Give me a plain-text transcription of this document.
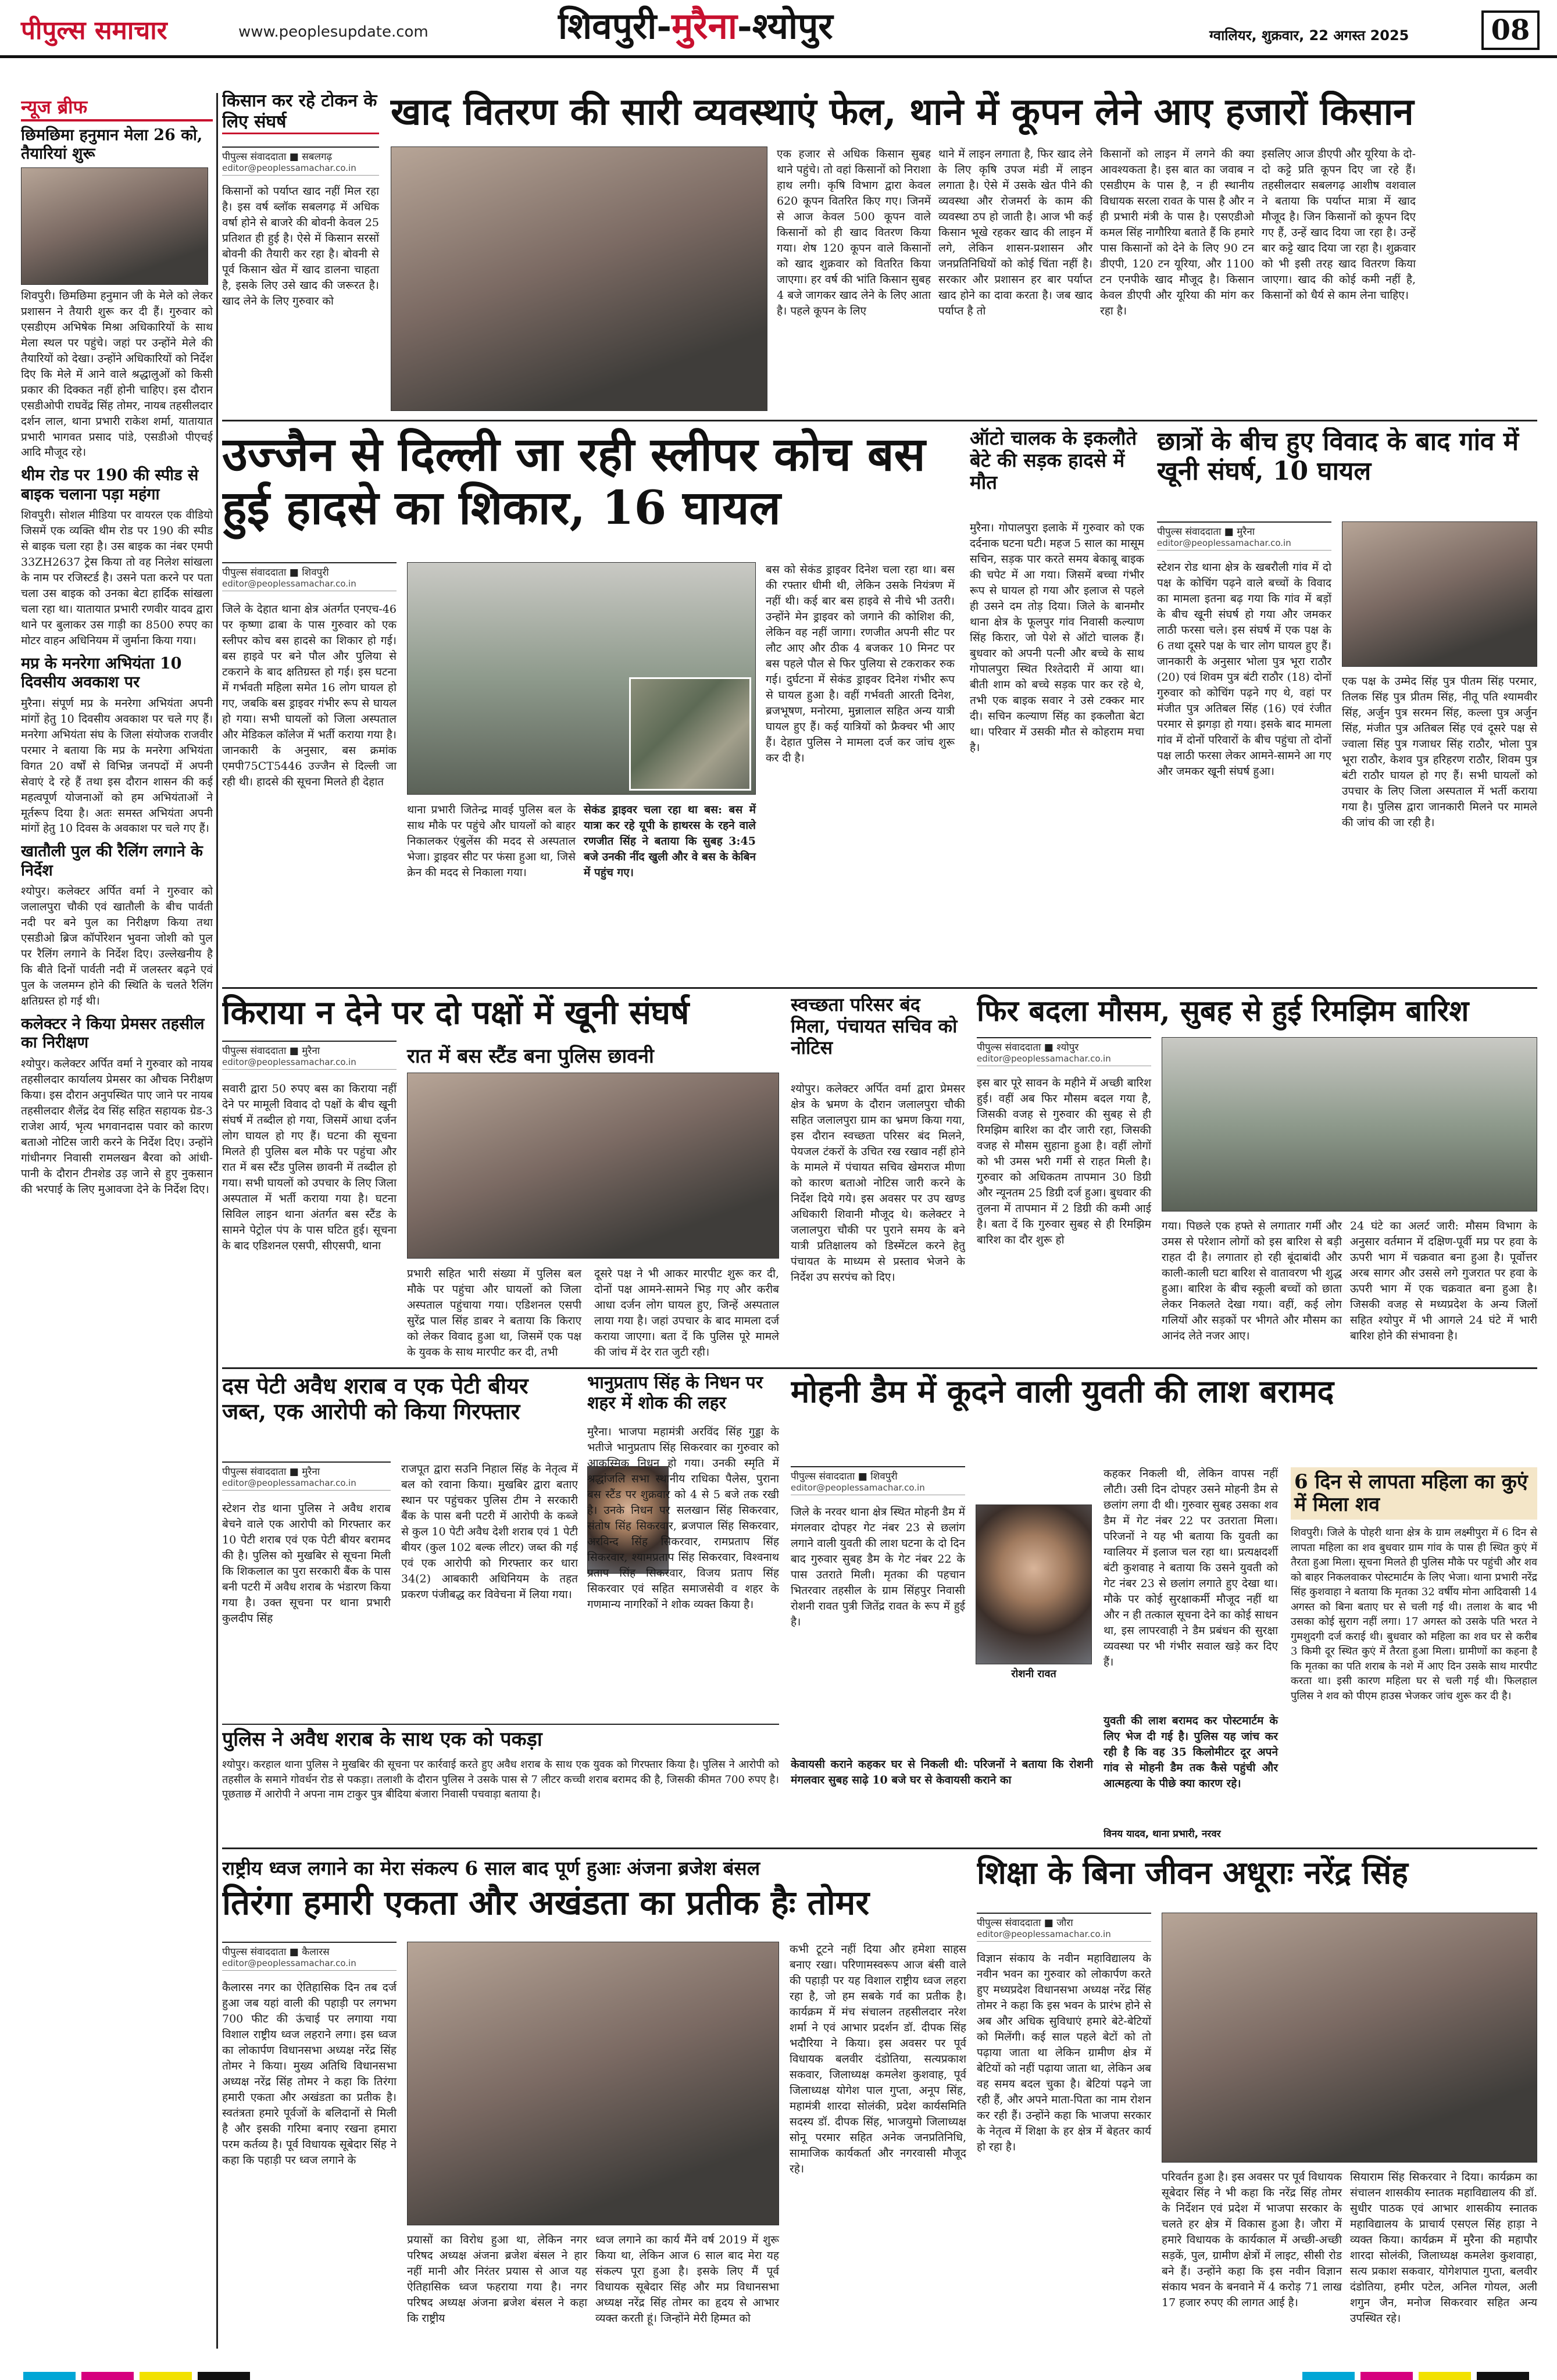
पीपुल्स समाचार	www.peoplesupdate.com	शिवपुरी-मुरैना-श्योपुर	ग्वालियर, शुक्रवार, 22 अगस्त 2025	08
न्यूज ब्रीफ
छिमछिमा हनुमान मेला 26 को, तैयारियां शुरू

शिवपुरी। छिमछिमा हनुमान जी के मेले को लेकर प्रशासन ने तैयारी शुरू कर दी हैं। गुरुवार को एसडीएम अभिषेक मिश्रा अधिकारियों के साथ मेला स्थल पर पहुंचे। जहां पर उन्होंने मेले की तैयारियों को देखा। उन्होंने अधिकारियों को निर्देश दिए कि मेले में आने वाले श्रद्धालुओं को किसी प्रकार की दिक्कत नहीं होनी चाहिए। इस दौरान एसडीओपी राघवेंद्र सिंह तोमर, नायब तहसीलदार दर्शन लाल, थाना प्रभारी राकेश शर्मा, यातायात प्रभारी भागवत प्रसाद पांडे, एसडीओ पीएचई आदि मौजूद रहे।

थीम रोड पर 190 की स्पीड से बाइक चलाना पड़ा महंगा

शिवपुरी। सोशल मीडिया पर वायरल एक वीडियो जिसमें एक व्यक्ति थीम रोड पर 190 की स्पीड से बाइक चला रहा है। उस बाइक का नंबर एमपी 33ZH2637 ट्रेस किया तो वह निलेश सांखला के नाम पर रजिस्टर्ड है। उसने पता करने पर पता चला उस बाइक को उनका बेटा हार्दिक सांखला चला रहा था। यातायात प्रभारी रणवीर यादव द्वारा थाने पर बुलाकर उस गाड़ी का 8500 रुपए का मोटर वाहन अधिनियम में जुर्माना किया गया।

मप्र के मनरेगा अभियंता 10 दिवसीय अवकाश पर

मुरैना। संपूर्ण मप्र के मनरेगा अभियंता अपनी मांगों हेतु 10 दिवसीय अवकाश पर चले गए हैं। मनरेगा अभियंता संघ के जिला संयोजक राजवीर परमार ने बताया कि मप्र के मनरेगा अभियंता विगत 20 वर्षों से विभिन्न जनपदों में अपनी सेवाएं दे रहे हैं तथा इस दौरान शासन की कई महत्वपूर्ण योजनाओं को हम अभियंताओं ने मूर्तरूप दिया है। अतः समस्त अभियंता अपनी मांगों हेतु 10 दिवस के अवकाश पर चले गए हैं।

खातौली पुल की रैलिंग लगाने के निर्देश

श्योपुर। कलेक्टर अर्पित वर्मा ने गुरुवार को जलालपुरा चौकी एवं खातौली के बीच पार्वती नदी पर बने पुल का निरीक्षण किया तथा एसडीओ ब्रिज कॉर्पोरेशन भुवना जोशी को पुल पर रैलिंग लगाने के निर्देश दिए। उल्लेखनीय है कि बीते दिनों पार्वती नदी में जलस्तर बढ़ने एवं पुल के जलमग्न होने की स्थिति के चलते रैलिंग क्षतिग्रस्त हो गई थी।

कलेक्टर ने किया प्रेमसर तहसील का निरीक्षण

श्योपुर। कलेक्टर अर्पित वर्मा ने गुरुवार को नायब तहसीलदार कार्यालय प्रेमसर का औचक निरीक्षण किया। इस दौरान अनुपस्थित पाए जाने पर नायब तहसीलदार शैलेंद्र देव सिंह सहित सहायक ग्रेड-3 राजेश आर्य, भृत्य भगवानदास पवार को कारण बताओ नोटिस जारी करने के निर्देश दिए। उन्होंने गांधीनगर निवासी रामलखन बैरवा को आंधी-पानी के दौरान टीनशेड उड़ जाने से हुए नुकसान की भरपाई के लिए मुआवजा देने के निर्देश दिए।

किसान कर रहे टोकन के लिए संघर्ष	खाद वितरण की सारी व्यवस्थाएं फेल, थाने में कूपन लेने आए हजारों किसान
पीपुल्स संवाददाता ■ सबलगढ़
editor@peoplessamachar.co.in

किसानों को पर्याप्त खाद नहीं मिल रहा है। इस वर्ष ब्लॉक सबलगढ़ में अधिक वर्षा होने से बाजरे की बोवनी केवल 25 प्रतिशत ही हुई है। ऐसे में किसान सरसों बोवनी की तैयारी कर रहा है। बोवनी से पूर्व किसान खेत में खाद डालना चाहता है, इसके लिए उसे खाद की जरूरत है। खाद लेने के लिए गुरुवार को

एक हजार से अधिक किसान सुबह थाने पहुंचे। तो वहां किसानों को निराशा हाथ लगी। कृषि विभाग द्वारा केवल 620 कूपन वितरित किए गए। जिनमें से आज केवल 500 कूपन वाले किसानों को ही खाद वितरण किया गया। शेष 120 कूपन वाले किसानों को खाद शुक्रवार को वितरित किया जाएगा। हर वर्ष की भांति किसान सुबह 4 बजे जागकर खाद लेने के लिए आता है। पहले कूपन के लिए

थाने में लाइन लगाता है, फिर खाद लेने के लिए कृषि उपज मंडी में लाइन लगाता है। ऐसे में उसके खेत पीने की व्यवस्था और रोजमर्रा के काम की व्यवस्था ठप हो जाती है। आज भी कई किसान भूखे रहकर खाद की लाइन में लगे, लेकिन शासन-प्रशासन और जनप्रतिनिधियों को कोई चिंता नहीं है। सरकार और प्रशासन हर बार पर्याप्त खाद होने का दावा करता है। जब खाद पर्याप्त है तो

किसानों को लाइन में लगने की क्या आवश्यकता है। इस बात का जवाब न एसडीएम के पास है, न ही स्थानीय विधायक सरला रावत के पास है और न ही प्रभारी मंत्री के पास है। एसएडीओ कमल सिंह नागौरिया बताते हैं कि हमारे पास किसानों को देने के लिए 90 टन डीएपी, 120 टन यूरिया, और 1100 टन एनपीके खाद मौजूद है। किसान केवल डीएपी और यूरिया की मांग कर रहा है।

इसलिए आज डीएपी और यूरिया के दो-दो कट्टे प्रति कूपन दिए जा रहे हैं। तहसीलदार सबलगढ़ आशीष वशवाल ने बताया कि पर्याप्त मात्रा में खाद मौजूद है। जिन किसानों को कूपन दिए गए हैं, उन्हें खाद दिया जा रहा है। उन्हें बार कट्टे खाद दिया जा रहा है। शुक्रवार को भी इसी तरह खाद वितरण किया जाएगा। खाद की कोई कमी नहीं है, किसानों को धैर्य से काम लेना चाहिए।

उज्जैन से दिल्ली जा रही स्लीपर कोच बस हुई हादसे का शिकार, 16 घायल
पीपुल्स संवाददाता ■ शिवपुरी
editor@peoplessamachar.co.in

जिले के देहात थाना क्षेत्र अंतर्गत एनएच-46 पर कृष्णा ढाबा के पास गुरुवार को एक स्लीपर कोच बस हादसे का शिकार हो गई। बस हाइवे पर बने पौल और पुलिया से टकराने के बाद क्षतिग्रस्त हो गई। इस घटना में गर्भवती महिला समेत 16 लोग घायल हो गए, जबकि बस ड्राइवर गंभीर रूप से घायल हो गया। सभी घायलों को जिला अस्पताल और मेडिकल कॉलेज में भर्ती कराया गया है। जानकारी के अनुसार, बस क्रमांक एमपी75CT5446 उज्जैन से दिल्ली जा रही थी। हादसे की सूचना मिलते ही देहात

थाना प्रभारी जितेन्द्र मावई पुलिस बल के साथ मौके पर पहुंचे और घायलों को बाहर निकालकर एंबुलेंस की मदद से अस्पताल भेजा। ड्राइवर सीट पर फंसा हुआ था, जिसे क्रेन की मदद से निकाला गया।

सेकंड ड्राइवर चला रहा था बस: बस में यात्रा कर रहे यूपी के हाथरस के रहने वाले रणजीत सिंह ने बताया कि सुबह 3:45 बजे उनकी नींद खुली और वे बस के केबिन में पहुंच गए।

बस को सेकंड ड्राइवर दिनेश चला रहा था। बस की रफ्तार धीमी थी, लेकिन उसके नियंत्रण में नहीं थी। कई बार बस हाइवे से नीचे भी उतरी। उन्होंने मेन ड्राइवर को जगाने की कोशिश की, लेकिन वह नहीं जागा। रणजीत अपनी सीट पर लौट आए और ठीक 4 बजकर 10 मिनट पर बस पहले पौल से फिर पुलिया से टकराकर रुक गई। दुर्घटना में सेकंड ड्राइवर दिनेश गंभीर रूप से घायल हुआ है। वहीं गर्भवती आरती दिनेश, ब्रजभूषण, मनोरमा, मुन्नालाल सहित अन्य यात्री घायल हुए हैं। कई यात्रियों को फ्रैक्चर भी आए हैं। देहात पुलिस ने मामला दर्ज कर जांच शुरू कर दी है।

ऑटो चालक के इकलौते बेटे की सड़क हादसे में मौत

मुरैना। गोपालपुरा इलाके में गुरुवार को एक दर्दनाक घटना घटी। महज 5 साल का मासूम सचिन, सड़क पार करते समय बेकाबू बाइक की चपेट में आ गया। जिसमें बच्चा गंभीर रूप से घायल हो गया और इलाज से पहले ही उसने दम तोड़ दिया। जिले के बानमौर थाना क्षेत्र के फूलपुर गांव निवासी कल्याण सिंह किरार, जो पेशे से ऑटो चालक हैं। बुधवार को अपनी पत्नी और बच्चे के साथ गोपालपुरा स्थित रिश्तेदारी में आया था। बीती शाम को बच्चे सड़क पार कर रहे थे, तभी एक बाइक सवार ने उसे टक्कर मार दी। सचिन कल्याण सिंह का इकलौता बेटा था। परिवार में उसकी मौत से कोहराम मचा है।

छात्रों के बीच हुए विवाद के बाद गांव में खूनी संघर्ष, 10 घायल
पीपुल्स संवाददाता ■ मुरैना
editor@peoplessamachar.co.in

स्टेशन रोड थाना क्षेत्र के खबरौली गांव में दो पक्ष के कोचिंग पढ़ने वाले बच्चों के विवाद का मामला इतना बढ़ गया कि गांव में बड़ों के बीच खूनी संघर्ष हो गया और जमकर लाठी फरसा चले। इस संघर्ष में एक पक्ष के 6 तथा दूसरे पक्ष के चार लोग घायल हुए हैं। जानकारी के अनुसार भोला पुत्र भूरा राठौर (20) एवं शिवम पुत्र बंटी राठौर (18) दोनों गुरुवार को कोचिंग पढ़ने गए थे, वहां पर मंजीत पुत्र अतिबल सिंह (16) एवं रंजीत परमार से झगड़ा हो गया। इसके बाद मामला गांव में दोनों परिवारों के बीच पहुंचा तो दोनों पक्ष लाठी फरसा लेकर आमने-सामने आ गए और जमकर खूनी संघर्ष हुआ।

एक पक्ष के उम्मेद सिंह पुत्र पीतम सिंह परमार, तिलक सिंह पुत्र प्रीतम सिंह, नीतू पति श्यामवीर सिंह, अर्जुन पुत्र सरमन सिंह, कल्ला पुत्र अर्जुन सिंह, मंजीत पुत्र अतिबल सिंह एवं दूसरे पक्ष से ज्वाला सिंह पुत्र गजाधर सिंह राठौर, भोला पुत्र भूरा राठौर, केशव पुत्र हरिहरण राठौर, शिवम पुत्र बंटी राठौर घायल हो गए हैं। सभी घायलों को उपचार के लिए जिला अस्पताल में भर्ती कराया गया है। पुलिस द्वारा जानकारी मिलने पर मामले की जांच की जा रही है।

किराया न देने पर दो पक्षों में खूनी संघर्ष
पीपुल्स संवाददाता ■ मुरैना
editor@peoplessamachar.co.in	रात में बस स्टैंड बना पुलिस छावनी

सवारी द्वारा 50 रुपए बस का किराया नहीं देने पर मामूली विवाद दो पक्षों के बीच खूनी संघर्ष में तब्दील हो गया, जिसमें आधा दर्जन लोग घायल हो गए हैं। घटना की सूचना मिलते ही पुलिस बल मौके पर पहुंचा और रात में बस स्टैंड पुलिस छावनी में तब्दील हो गया। सभी घायलों को उपचार के लिए जिला अस्पताल में भर्ती कराया गया है। घटना सिविल लाइन थाना अंतर्गत बस स्टैंड के सामने पेट्रोल पंप के पास घटित हुई। सूचना के बाद एडिशनल एसपी, सीएसपी, थाना

प्रभारी सहित भारी संख्या में पुलिस बल मौके पर पहुंचा और घायलों को जिला अस्पताल पहुंचाया गया। एडिशनल एसपी सुरेंद्र पाल सिंह डाबर ने बताया कि किराए को लेकर विवाद हुआ था, जिसमें एक पक्ष के युवक के साथ मारपीट कर दी, तभी

दूसरे पक्ष ने भी आकर मारपीट शुरू कर दी, दोनों पक्ष आमने-सामने भिड़ गए और करीब आधा दर्जन लोग घायल हुए, जिन्हें अस्पताल लाया गया है। जहां उपचार के बाद मामला दर्ज कराया जाएगा। बता दें कि पुलिस पूरे मामले की जांच में देर रात जुटी रही।

स्वच्छता परिसर बंद मिला, पंचायत सचिव को नोटिस

श्योपुर। कलेक्टर अर्पित वर्मा द्वारा प्रेमसर क्षेत्र के भ्रमण के दौरान जलालपुरा चौकी सहित जलालपुरा ग्राम का भ्रमण किया गया, इस दौरान स्वच्छता परिसर बंद मिलने, पेयजल टंकरों के उचित रख रखाव नहीं होने के मामले में पंचायत सचिव खेमराज मीणा को कारण बताओ नोटिस जारी करने के निर्देश दिये गये। इस अवसर पर उप खण्ड अधिकारी शिवानी मौजूद थे। कलेक्टर ने जलालपुरा चौकी पर पुराने समय के बने यात्री प्रतिक्षालय को डिस्मेंटल करने हेतु पंचायत के माध्यम से प्रस्ताव भेजने के निर्देश उप सरपंच को दिए।

फिर बदला मौसम, सुबह से हुई रिमझिम बारिश
पीपुल्स संवाददाता ■ श्योपुर
editor@peoplessamachar.co.in

इस बार पूरे सावन के महीने में अच्छी बारिश हुई। वहीं अब फिर मौसम बदल गया है, जिसकी वजह से गुरुवार की सुबह से ही रिमझिम बारिश का दौर जारी रहा, जिसकी वजह से मौसम सुहाना हुआ है। वहीं लोगों को भी उमस भरी गर्मी से राहत मिली है। गुरुवार को अधिकतम तापमान 30 डिग्री और न्यूनतम 25 डिग्री दर्ज हुआ। बुधवार की तुलना में तापमान में 2 डिग्री की कमी आई है। बता दें कि गुरुवार सुबह से ही रिमझिम बारिश का दौर शुरू हो

गया। पिछले एक हफ्ते से लगातार गर्मी और उमस से परेशान लोगों को इस बारिश से बड़ी राहत दी है। लगातार हो रही बूंदाबांदी और काली-काली घटा बारिश से वातावरण भी शुद्ध हुआ। बारिश के बीच स्कूली बच्चों को छाता लेकर निकलते देखा गया। वहीं, कई लोग गलियों और सड़कों पर भीगते और मौसम का आनंद लेते नजर आए।

24 घंटे का अलर्ट जारी: मौसम विभाग के अनुसार वर्तमान में दक्षिण-पूर्वी मप्र पर हवा के ऊपरी भाग में चक्रवात बना हुआ है। पूर्वोत्तर अरब सागर और उससे लगे गुजरात पर हवा के ऊपरी भाग में एक चक्रवात बना हुआ है। जिसकी वजह से मध्यप्रदेश के अन्य जिलों सहित श्योपुर में भी आगले 24 घंटे में भारी बारिश होने की संभावना है।

दस पेटी अवैध शराब व एक पेटी बीयर जब्त, एक आरोपी को किया गिरफ्तार
पीपुल्स संवाददाता ■ मुरैना
editor@peoplessamachar.co.in

स्टेशन रोड थाना पुलिस ने अवैध शराब बेचने वाले एक आरोपी को गिरफ्तार कर 10 पेटी शराब एवं एक पेटी बीयर बरामद की है। पुलिस को मुखबिर से सूचना मिली कि शिकलाल का पुरा सरकारी बैंक के पास बनी पटरी में अवैध शराब के भंडारण किया गया है। उक्त सूचना पर थाना प्रभारी कुलदीप सिंह

राजपूत द्वारा सउनि निहाल सिंह के नेतृत्व में बल को रवाना किया। मुखबिर द्वारा बताए स्थान पर पहुंचकर पुलिस टीम ने सरकारी बैंक के पास बनी पटरी में आरोपी के कब्जे से कुल 10 पेटी अवैध देशी शराब एवं 1 पेटी बीयर (कुल 102 बल्क लीटर) जब्त की गई एवं एक आरोपी को गिरफ्तार कर धारा 34(2) आबकारी अधिनियम के तहत प्रकरण पंजीबद्ध कर विवेचना में लिया गया।

भानुप्रताप सिंह के निधन पर शहर में शोक की लहर

मुरैना। भाजपा महामंत्री अरविंद सिंह गुड्डा के भतीजे भानुप्रताप सिंह सिकरवार का गुरुवार को आकस्मिक निधन हो गया। उनकी स्मृति में श्रद्धांजलि सभा स्थानीय राधिका पैलेस, पुराना बस स्टैंड पर शुक्रवार को 4 से 5 बजे तक रखी है। उनके निधन पर सलखान सिंह सिकरवार, संतोष सिंह सिकरवार, ब्रजपाल सिंह सिकरवार, अरविन्द सिंह सिकरवार, रामप्रताप सिंह सिकरवार, श्यामप्रताप सिंह सिकरवार, विश्वनाथ प्रताप सिंह सिकरवार, विजय प्रताप सिंह सिकरवार एवं सहित समाजसेवी व शहर के गणमान्य नागरिकों ने शोक व्यक्त किया है।

पुलिस ने अवैध शराब के साथ एक को पकड़ा

श्योपुर। करहाल थाना पुलिस ने मुखबिर की सूचना पर कार्रवाई करते हुए अवैध शराब के साथ एक युवक को गिरफ्तार किया है। पुलिस ने आरोपी को तहसील के समाने गोवर्धन रोड से पकड़ा। तलाशी के दौरान पुलिस ने उसके पास से 7 लीटर कच्ची शराब बरामद की है, जिसकी कीमत 700 रुपए है। पूछताछ में आरोपी ने अपना नाम टाकुर पुत्र बीदिया बंजारा निवासी पचवाड़ा बताया है।

मोहनी डैम में कूदने वाली युवती की लाश बरामद
पीपुल्स संवाददाता ■ शिवपुरी
editor@peoplessamachar.co.in

जिले के नरवर थाना क्षेत्र स्थित मोहनी डैम में मंगलवार दोपहर गेट नंबर 23 से छलांग लगाने वाली युवती की लाश घटना के दो दिन बाद गुरुवार सुबह डैम के गेट नंबर 22 के पास उतराते मिली। मृतका की पहचान भितरवार तहसील के ग्राम सिंहपुर निवासी रोशनी रावत पुत्री जितेंद्र रावत के रूप में हुई है।

रोशनी रावत

केवायसी कराने कहकर घर से निकली थी: परिजनों ने बताया कि रोशनी मंगलवार सुबह साढ़े 10 बजे घर से केवायसी कराने का

कहकर निकली थी, लेकिन वापस नहीं लौटी। उसी दिन दोपहर उसने मोहनी डैम से छलांग लगा दी थी। गुरुवार सुबह उसका शव डैम में गेट नंबर 22 पर उतराता मिला। परिजनों ने यह भी बताया कि युवती का ग्वालियर में इलाज चल रहा था। प्रत्यक्षदर्शी बंटी कुशवाह ने बताया कि उसने युवती को गेट नंबर 23 से छलांग लगाते हुए देखा था। मौके पर कोई सुरक्षाकर्मी मौजूद नहीं था और न ही तत्काल सूचना देने का कोई साधन था, इस लापरवाही ने डैम प्रबंधन की सुरक्षा व्यवस्था पर भी गंभीर सवाल खड़े कर दिए हैं।

युवती की लाश बरामद कर पोस्टमार्टम के लिए भेज दी गई है। पुलिस यह जांच कर रही है कि वह 35 किलोमीटर दूर अपने गांव से मोहनी डैम तक कैसे पहुंची और आत्महत्या के पीछे क्या कारण रहे।

विनय यादव, थाना प्रभारी, नरवर
6 दिन से लापता महिला का कुएं में मिला शव

शिवपुरी। जिले के पोहरी थाना क्षेत्र के ग्राम लक्ष्मीपुरा में 6 दिन से लापता महिला का शव बुधवार ग्राम गांव के पास ही स्थित कुएं में तैरता हुआ मिला। सूचना मिलते ही पुलिस मौके पर पहुंची और शव को बाहर निकलवाकर पोस्टमार्टम के लिए भेजा। थाना प्रभारी नरेंद्र सिंह कुशवाहा ने बताया कि मृतका 32 वर्षीय मोना आदिवासी 14 अगस्त को बिना बताए घर से चली गई थी। तलाश के बाद भी उसका कोई सुराग नहीं लगा। 17 अगस्त को उसके पति भरत ने गुमशुदगी दर्ज कराई थी। बुधवार को महिला का शव घर से करीब 3 किमी दूर स्थित कुएं में तैरता हुआ मिला। ग्रामीणों का कहना है कि मृतका का पति शराब के नशे में आए दिन उसके साथ मारपीट करता था। इसी कारण महिला घर से चली गई थी। फिलहाल पुलिस ने शव को पीएम हाउस भेजकर जांच शुरू कर दी है।

राष्ट्रीय ध्वज लगाने का मेरा संकल्प 6 साल बाद पूर्ण हुआः अंजना ब्रजेश बंसल
तिरंगा हमारी एकता और अखंडता का प्रतीक हैः तोमर
पीपुल्स संवाददाता ■ कैलारस
editor@peoplessamachar.co.in

कैलारस नगर का ऐतिहासिक दिन तब दर्ज हुआ जब यहां वाली की पहाड़ी पर लगभग 700 फीट की ऊंचाई पर लगाया गया विशाल राष्ट्रीय ध्वज लहराने लगा। इस ध्वज का लोकार्पण विधानसभा अध्यक्ष नरेंद्र सिंह तोमर ने किया। मुख्य अतिथि विधानसभा अध्यक्ष नरेंद्र सिंह तोमर ने कहा कि तिरंगा हमारी एकता और अखंडता का प्रतीक है। स्वतंत्रता हमारे पूर्वजों के बलिदानों से मिली है और इसकी गरिमा बनाए रखना हमारा परम कर्तव्य है। पूर्व विधायक सूबेदार सिंह ने कहा कि पहाड़ी पर ध्वज लगाने के

प्रयासों का विरोध हुआ था, लेकिन नगर परिषद अध्यक्ष अंजना ब्रजेश बंसल ने हार नहीं मानी और निरंतर प्रयास से आज यह ऐतिहासिक ध्वज फहराया गया है। नगर परिषद अध्यक्ष अंजना ब्रजेश बंसल ने कहा कि राष्ट्रीय

ध्वज लगाने का कार्य मैंने वर्ष 2019 में शुरू किया था, लेकिन आज 6 साल बाद मेरा यह संकल्प पूरा हुआ है। इसके लिए मैं पूर्व विधायक सूबेदार सिंह और मप्र विधानसभा अध्यक्ष नरेंद्र सिंह तोमर का हृदय से आभार व्यक्त करती हूं। जिन्होंने मेरी हिम्मत को

कभी टूटने नहीं दिया और हमेशा साहस बनाए रखा। परिणामस्वरूप आज बंसी वाले की पहाड़ी पर यह विशाल राष्ट्रीय ध्वज लहरा रहा है, जो हम सबके गर्व का प्रतीक है। कार्यक्रम में मंच संचालन तहसीलदार नरेश शर्मा ने एवं आभार प्रदर्शन डॉ. दीपक सिंह भदौरिया ने किया। इस अवसर पर पूर्व विधायक बलवीर दंडोतिया, सत्यप्रकाश सकवार, जिलाध्यक्ष कमलेश कुशवाह, पूर्व जिलाध्यक्ष योगेश पाल गुप्ता, अनूप सिंह, महामंत्री शारदा सोलंकी, प्रदेश कार्यसमिति सदस्य डॉ. दीपक सिंह, भाजयुमो जिलाध्यक्ष सोनू परमार सहित अनेक जनप्रतिनिधि, सामाजिक कार्यकर्ता और नगरवासी मौजूद रहे।

शिक्षा के बिना जीवन अधूराः नरेंद्र सिंह
पीपुल्स संवाददाता ■ जौरा
editor@peoplessamachar.co.in

विज्ञान संकाय के नवीन महाविद्यालय के नवीन भवन का गुरुवार को लोकार्पण करते हुए मध्यप्रदेश विधानसभा अध्यक्ष नरेंद्र सिंह तोमर ने कहा कि इस भवन के प्रारंभ होने से अब और अधिक सुविधाएं हमारे बेटे-बेटियों को मिलेंगी। कई साल पहले बेटों को तो पढ़ाया जाता था लेकिन ग्रामीण क्षेत्र में बेटियों को नहीं पढ़ाया जाता था, लेकिन अब वह समय बदल चुका है। बेटियां पढ़ने जा रही हैं, और अपने माता-पिता का नाम रोशन कर रही हैं। उन्होंने कहा कि भाजपा सरकार के नेतृत्व में शिक्षा के हर क्षेत्र में बेहतर कार्य हो रहा है।

परिवर्तन हुआ है। इस अवसर पर पूर्व विधायक सूबेदार सिंह ने भी कहा कि नरेंद्र सिंह तोमर के निर्देशन एवं प्रदेश में भाजपा सरकार के चलते हर क्षेत्र में विकास हुआ है। जौरा में हमारे विधायक के कार्यकाल में अच्छी-अच्छी सड़कें, पुल, ग्रामीण क्षेत्रों में लाइट, सीसी रोड बने हैं। उन्होंने कहा कि इस नवीन विज्ञान संकाय भवन के बनवाने में 4 करोड़ 71 लाख 17 हजार रुपए की लागत आई है।

सियाराम सिंह सिकरवार ने दिया। कार्यक्रम का संचालन शासकीय स्नातक महाविद्यालय की डॉ. सुधीर पाठक एवं आभार शासकीय स्नातक महाविद्यालय के प्राचार्य एसएल सिंह हाड़ा ने व्यक्त किया। कार्यक्रम में मुरैना की महापौर शारदा सोलंकी, जिलाध्यक्ष कमलेश कुशवाहा, सत्य प्रकाश सकवार, योगेशपाल गुप्ता, बलवीर दंडोतिया, हमीर पटेल, अनिल गोयल, अली शगुन जैन, मनोज सिकरवार सहित अन्य उपस्थित रहे।
